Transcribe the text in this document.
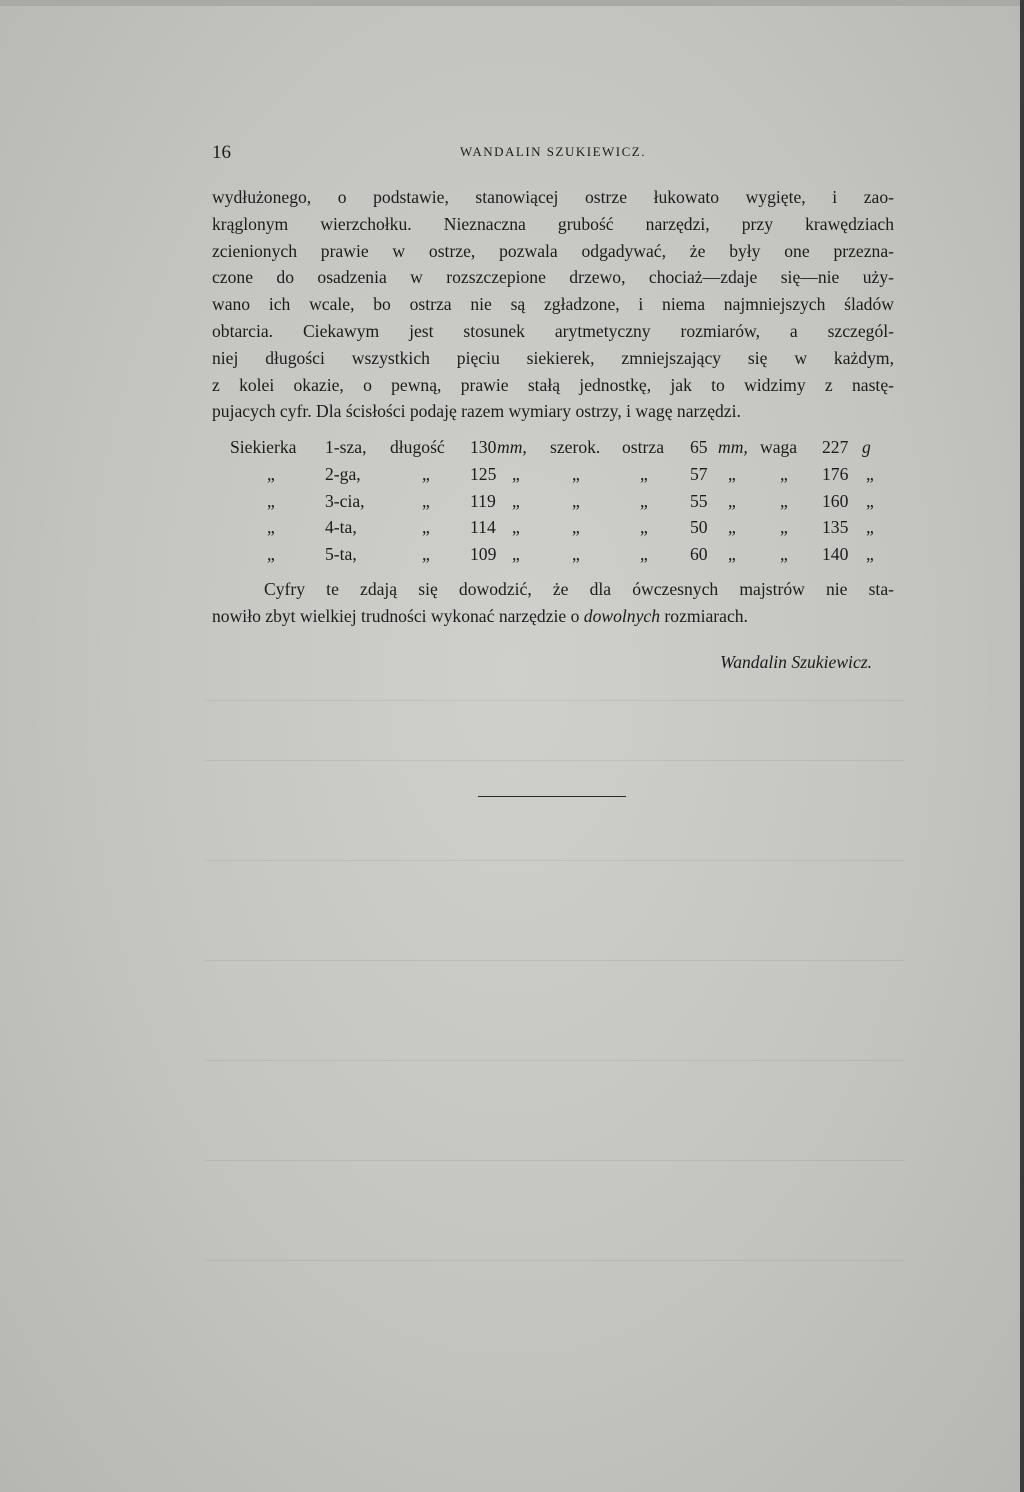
16	WANDALIN SZUKIEWICZ.

wydłużonego, o podstawie, stanowiącej ostrze łukowato wygięte, i zao-
krąglonym wierzchołku. Nieznaczna grubość narzędzi, przy krawędziach
zcienionych prawie w ostrze, pozwala odgadywać, że były one przezna-
czone do osadzenia w rozszczepione drzewo, chociaż—zdaje się—nie uży-
wano ich wcale, bo ostrza nie są zgładzone, i niema najmniejszych śladów
obtarcia. Ciekawym jest stosunek arytmetyczny rozmiarów, a szczegól-
niej długości wszystkich pięciu siekierek, zmniejszający się w każdym,
z kolei okazie, o pewną, prawie stałą jednostkę, jak to widzimy z nastę-
pujacych cyfr. Dla ścisłości podaję razem wymiary ostrzy, i wagę narzędzi.

Siekierka 1-sza, długość 130 mm, szerok. ostrza 65 mm, waga 227 g
„	2-ga,	„ 125 „	„	„ 57 „	„ 176 „
„	3-cia,	„ 119 „	„	„ 55 „	„ 160 „
„	4-ta,	„ 114 „	„	„ 50 „	„ 135 „
„	5-ta,	„ 109 „	„	„ 60 „	„ 140 „
Cyfry te zdają się dowodzić, że dla ówczesnych majstrów nie sta-
nowiło zbyt wielkiej trudności wykonać narzędzie o dowolnych rozmiarach.
Wandalin Szukiewicz.
